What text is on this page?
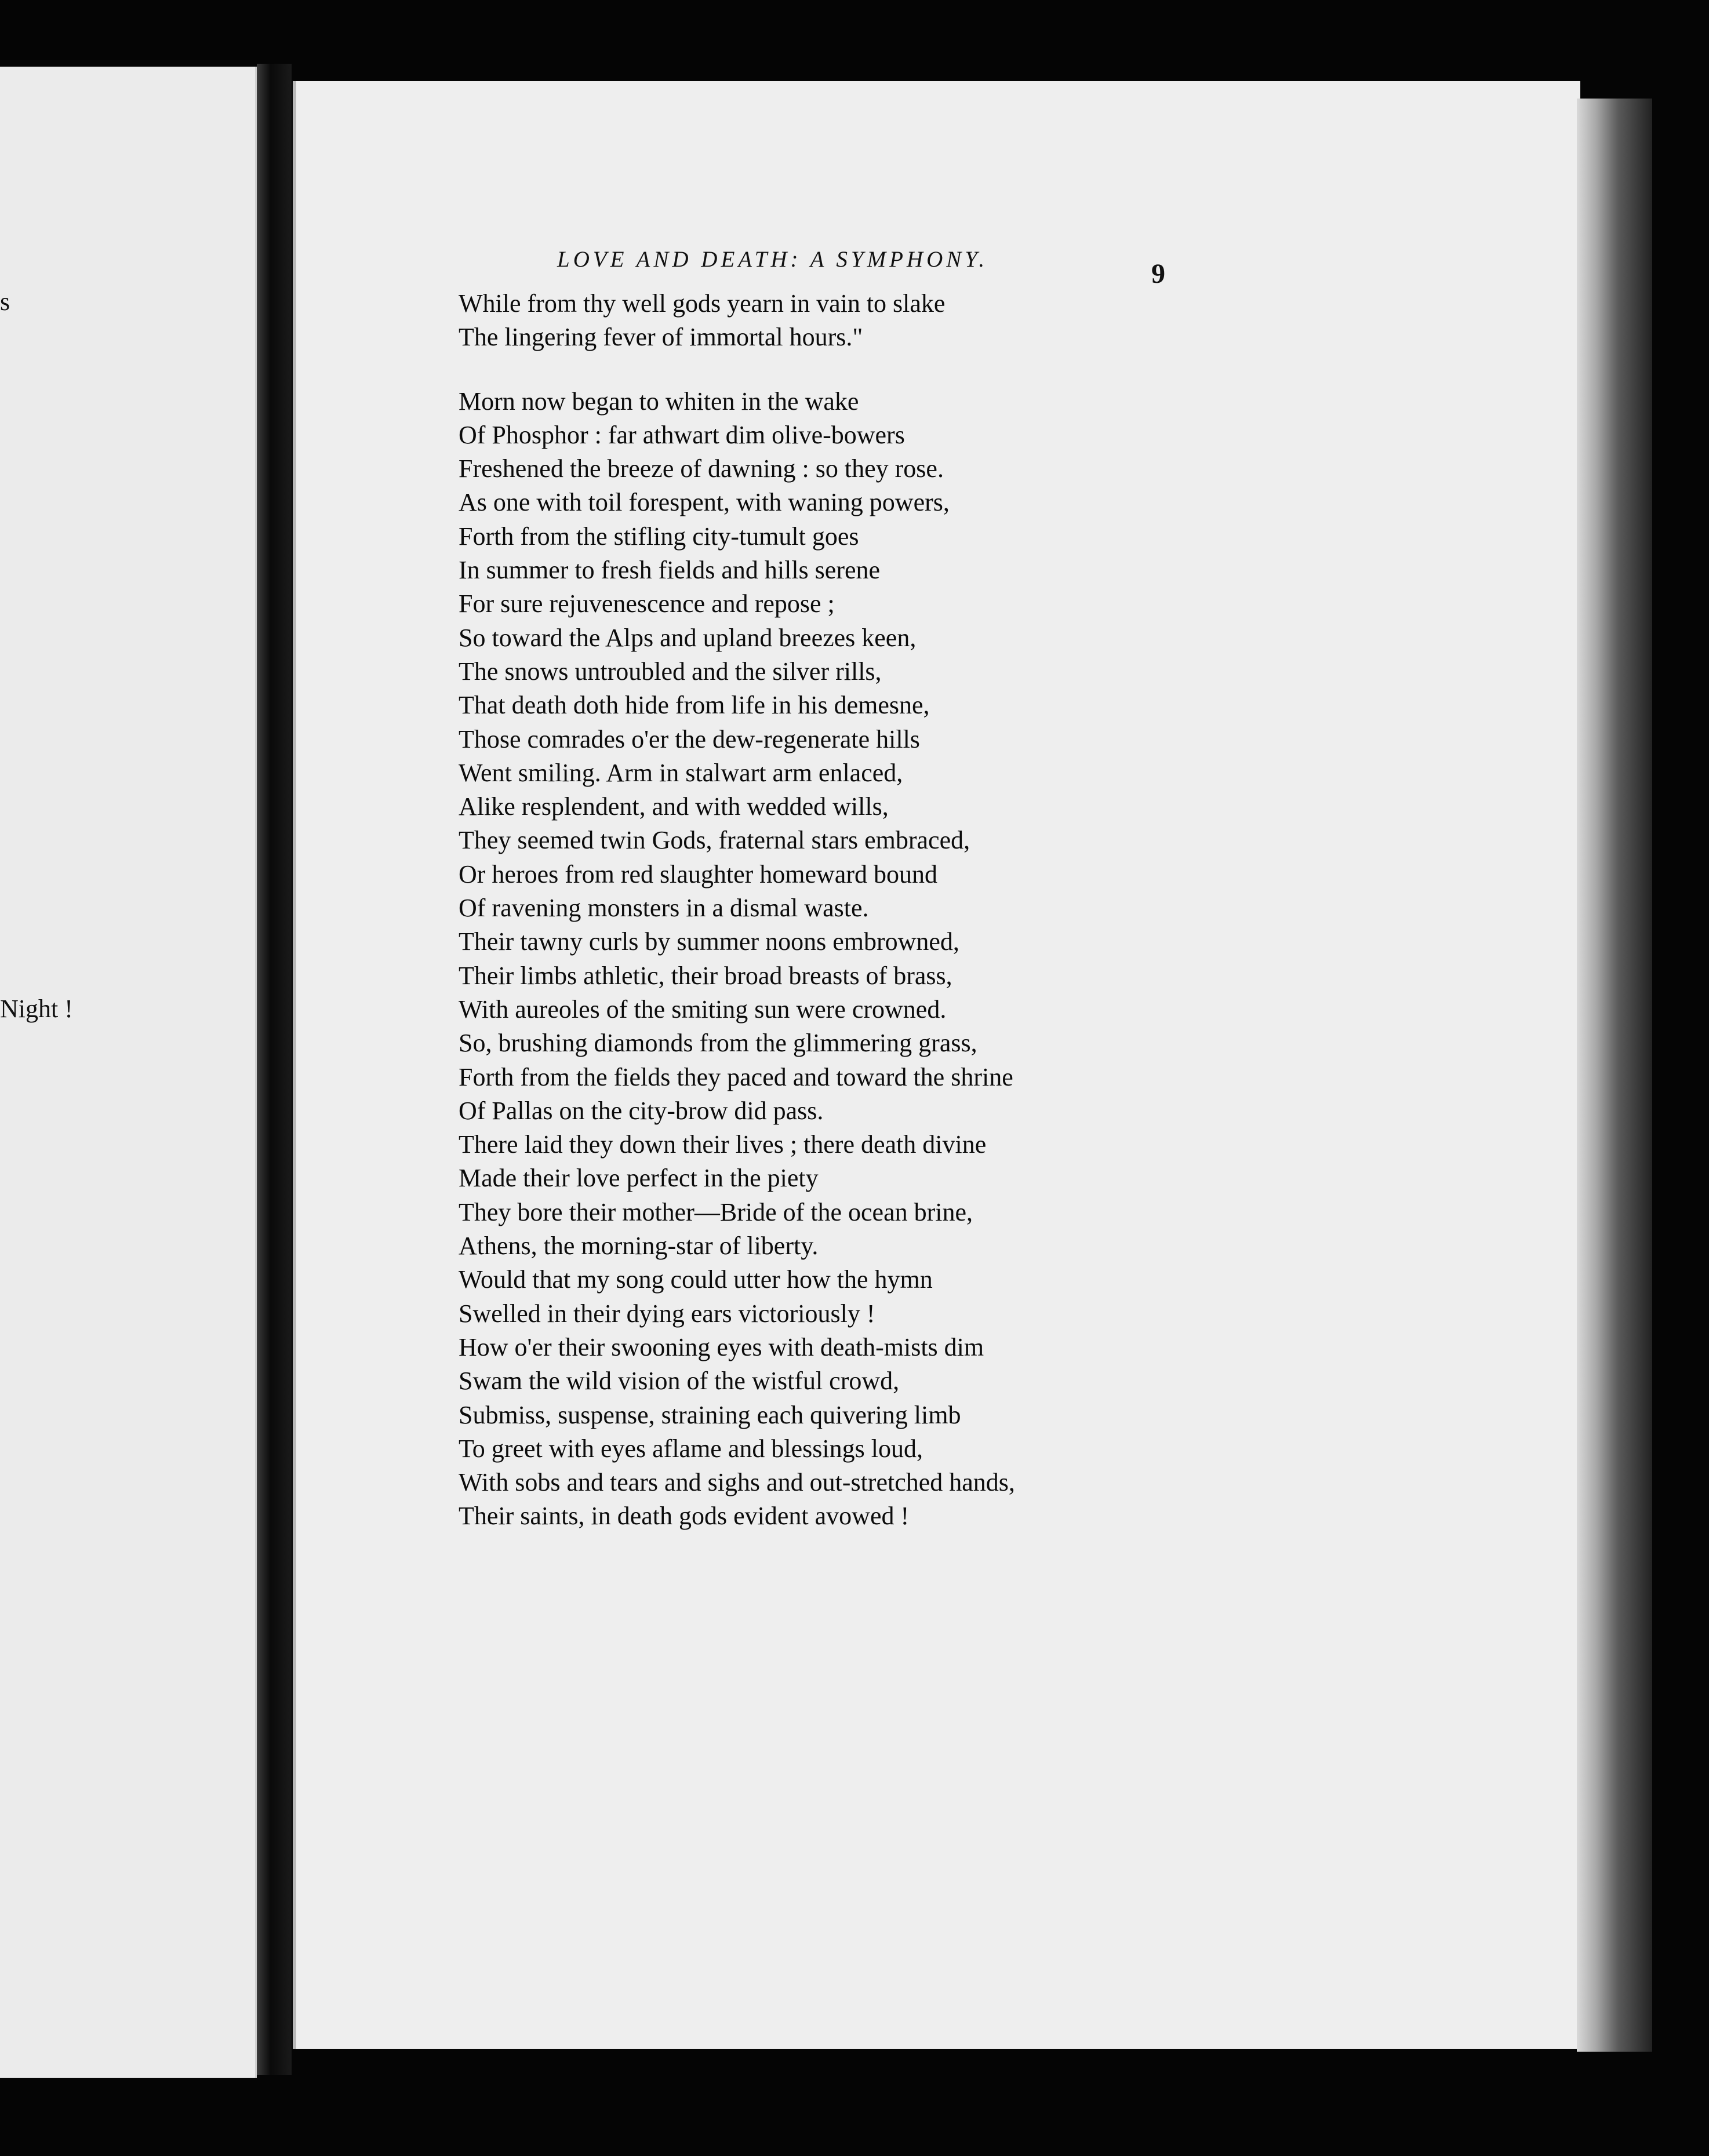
s
Night !
LOVE AND DEATH: A SYMPHONY.	9
While from thy well gods yearn in vain to slake
The lingering fever of immortal hours."
Morn now began to whiten in the wake
Of Phosphor : far athwart dim olive-bowers
Freshened the breeze of dawning : so they rose.
As one with toil forespent, with waning powers,
Forth from the stifling city-tumult goes
In summer to fresh fields and hills serene
For sure rejuvenescence and repose ;
So toward the Alps and upland breezes keen,
The snows untroubled and the silver rills,
That death doth hide from life in his demesne,
Those comrades o'er the dew-regenerate hills
Went smiling. Arm in stalwart arm enlaced,
Alike resplendent, and with wedded wills,
They seemed twin Gods, fraternal stars embraced,
Or heroes from red slaughter homeward bound
Of ravening monsters in a dismal waste.
Their tawny curls by summer noons embrowned,
Their limbs athletic, their broad breasts of brass,
With aureoles of the smiting sun were crowned.
So, brushing diamonds from the glimmering grass,
Forth from the fields they paced and toward the shrine
Of Pallas on the city-brow did pass.
There laid they down their lives ; there death divine
Made their love perfect in the piety
They bore their mother—Bride of the ocean brine,
Athens, the morning-star of liberty.
Would that my song could utter how the hymn
Swelled in their dying ears victoriously !
How o'er their swooning eyes with death-mists dim
Swam the wild vision of the wistful crowd,
Submiss, suspense, straining each quivering limb
To greet with eyes aflame and blessings loud,
With sobs and tears and sighs and out-stretched hands,
Their saints, in death gods evident avowed !
